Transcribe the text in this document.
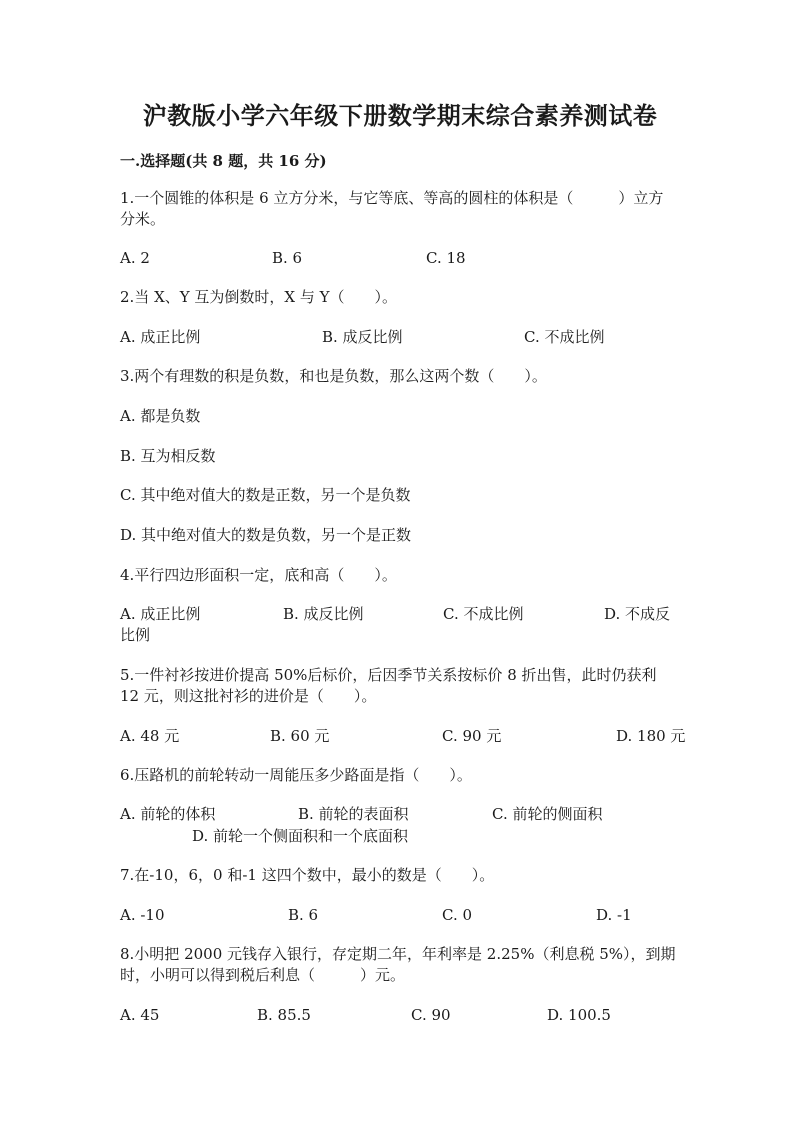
沪教版小学六年级下册数学期末综合素养测试卷
一.选择题(共 8 题，共 16 分)
1.一个圆锥的体积是 6 立方分米，与它等底、等高的圆柱的体积是（　　　）立方分米。
A. 2	B. 6	C. 18
2.当 X、Y 互为倒数时，X 与 Y（　　）。
A. 成正比例	B. 成反比例	C. 不成比例
3.两个有理数的积是负数，和也是负数，那么这两个数（　　）。
A. 都是负数
B. 互为相反数
C. 其中绝对值大的数是正数，另一个是负数
D. 其中绝对值大的数是负数，另一个是正数
4.平行四边形面积一定，底和高（　　）。
A. 成正比例	B. 成反比例	C. 不成比例	D. 不成反
比例
5.一件衬衫按进价提高 50%后标价，后因季节关系按标价 8 折出售，此时仍获利 12 元，则这批衬衫的进价是（　　）。
A. 48 元	B. 60 元	C. 90 元	D. 180 元
6.压路机的前轮转动一周能压多少路面是指（　　）。
A. 前轮的体积	B. 前轮的表面积	C. 前轮的侧面积
D. 前轮一个侧面积和一个底面积
7.在-10，6，0 和-1 这四个数中，最小的数是（　　）。
A. -10	B. 6	C. 0	D. -1
8.小明把 2000 元钱存入银行，存定期二年，年利率是 2.25%（利息税 5%），到期时，小明可以得到税后利息（　　　）元。
A. 45	B. 85.5	C. 90	D. 100.5
